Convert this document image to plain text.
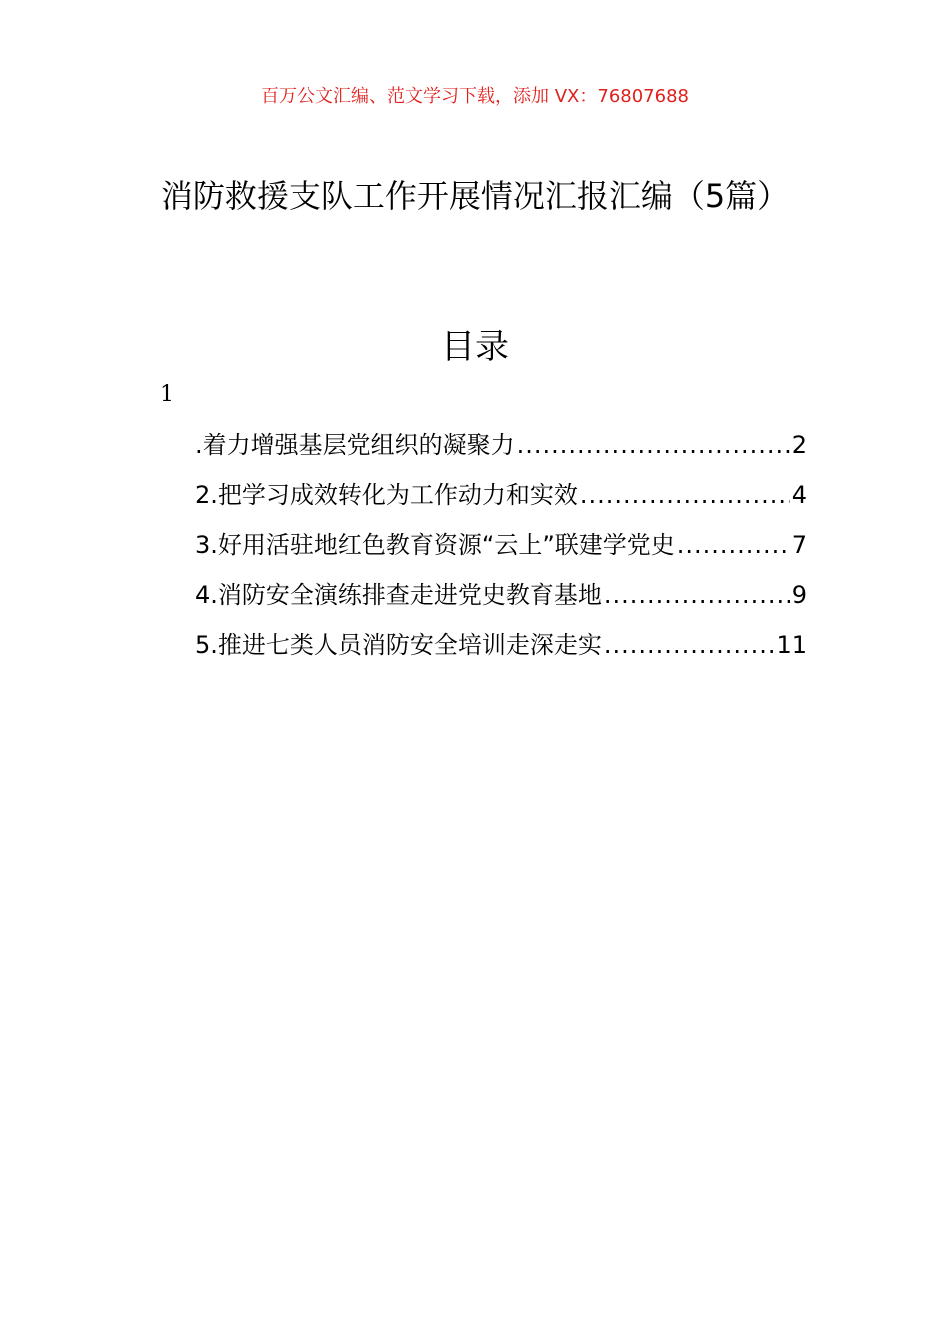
百万公文汇编、范文学习下载，添加 VX：76807688
消防救援支队工作开展情况汇报汇编（5篇）
目录
1
.着力增强基层党组织的凝聚力 .....	2
2.把学习成效转化为工作动力和实效 .....	4
3.好用活驻地红色教育资源“云上”联建学党史 .....	7
4.消防安全演练排查走进党史教育基地 .....	9
5.推进七类人员消防安全培训走深走实 .....	11
